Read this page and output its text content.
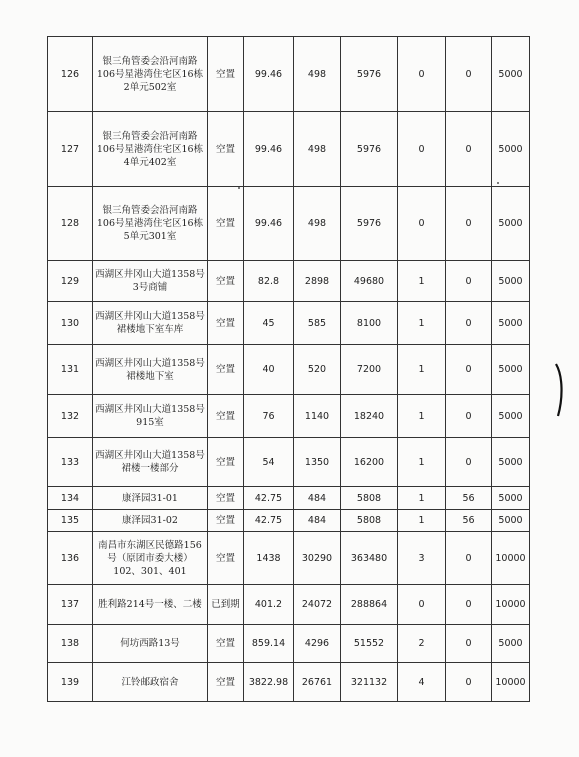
126	银三角管委会沿河南路106号星港湾住宅区16栋2单元502室	空置	99.46	498	5976	0	0	5000
127	银三角管委会沿河南路106号星港湾住宅区16栋4单元402室	空置	99.46	498	5976	0	0	5000
128	银三角管委会沿河南路106号星港湾住宅区16栋5单元301室	空置	99.46	498	5976	0	0	5000
129	西湖区井冈山大道1358号3号商铺	空置	82.8	2898	49680	1	0	5000
130	西湖区井冈山大道1358号裙楼地下室车库	空置	45	585	8100	1	0	5000
131	西湖区井冈山大道1358号裙楼地下室	空置	40	520	7200	1	0	5000
132	西湖区井冈山大道1358号915室	空置	76	1140	18240	1	0	5000
133	西湖区井冈山大道1358号裙楼一楼部分	空置	54	1350	16200	1	0	5000
134	康泽园31-01	空置	42.75	484	5808	1	56	5000
135	康泽园31-02	空置	42.75	484	5808	1	56	5000
136	南昌市东湖区民德路156号（原团市委大楼）102、301、401	空置	1438	30290	363480	3	0	10000
137	胜利路214号一楼、二楼	已到期	401.2	24072	288864	0	0	10000
138	何坊西路13号	空置	859.14	4296	51552	2	0	5000
139	江铃邮政宿舍	空置	3822.98	26761	321132	4	0	10000
